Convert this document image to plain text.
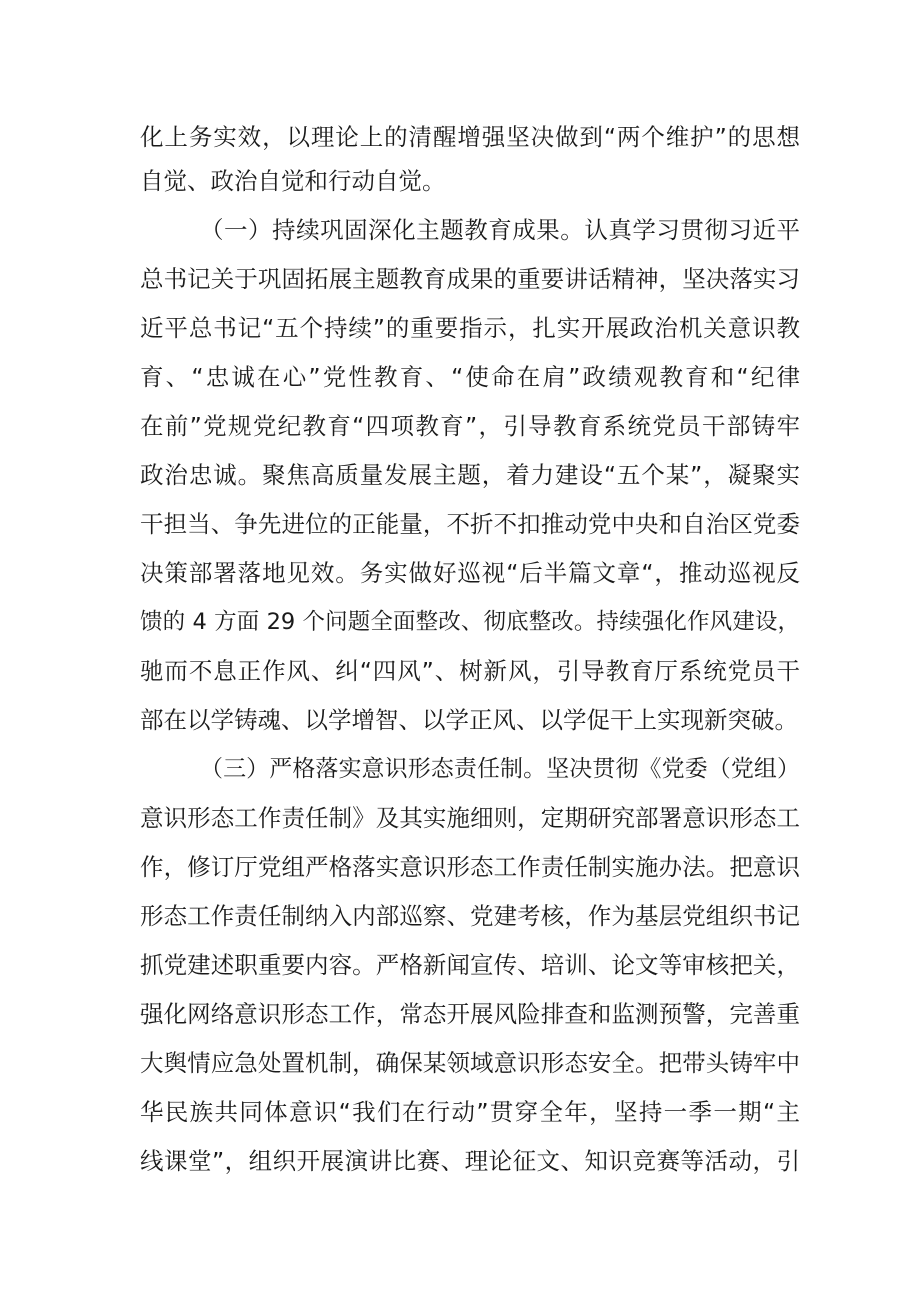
化上务实效，以理论上的清醒增强坚决做到“两个维护”的思想
自觉、政治自觉和行动自觉。
（一）持续巩固深化主题教育成果。认真学习贯彻习近平
总书记关于巩固拓展主题教育成果的重要讲话精神，坚决落实习
近平总书记“五个持续”的重要指示，扎实开展政治机关意识教
育、“忠诚在心”党性教育、“使命在肩”政绩观教育和“纪律
在前”党规党纪教育“四项教育”，引导教育系统党员干部铸牢
政治忠诚。聚焦高质量发展主题，着力建设“五个某”，凝聚实
干担当、争先进位的正能量，不折不扣推动党中央和自治区党委
决策部署落地见效。务实做好巡视“后半篇文章“，推动巡视反
馈的 4 方面 29 个问题全面整改、彻底整改。持续强化作风建设，
驰而不息正作风、纠“四风”、树新风，引导教育厅系统党员干
部在以学铸魂、以学增智、以学正风、以学促干上实现新突破。
（三）严格落实意识形态责任制。坚决贯彻《党委（党组）
意识形态工作责任制》及其实施细则，定期研究部署意识形态工
作，修订厅党组严格落实意识形态工作责任制实施办法。把意识
形态工作责任制纳入内部巡察、党建考核，作为基层党组织书记
抓党建述职重要内容。严格新闻宣传、培训、论文等审核把关，
强化网络意识形态工作，常态开展风险排查和监测预警，完善重
大舆情应急处置机制，确保某领域意识形态安全。把带头铸牢中
华民族共同体意识“我们在行动”贯穿全年，坚持一季一期“主
线课堂”，组织开展演讲比赛、理论征文、知识竞赛等活动，引
